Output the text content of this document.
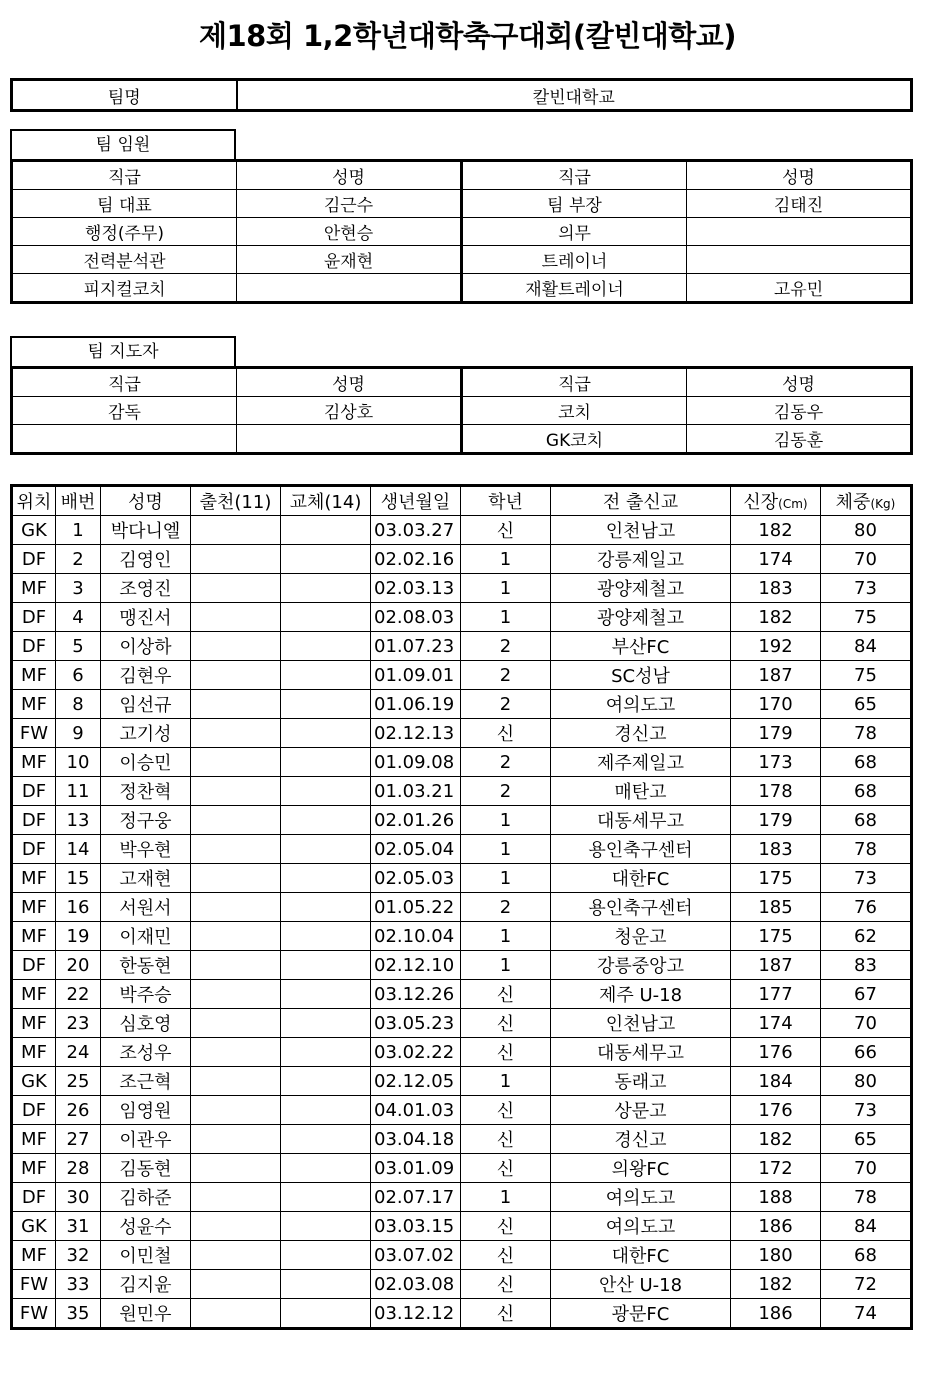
제18회 1,2학년대학축구대회(칼빈대학교)
팀명	칼빈대학교
팀 임원
직급	성명	직급	성명
팀 대표	김근수	팀 부장	김태진
행정(주무)	안현승	의무	
전력분석관	윤재현	트레이너	
피지컬코치		재활트레이너	고유민
팀 지도자
직급	성명	직급	성명
감독	김상호	코치	김동우
		GK코치	김동훈
위치	배번	성명	출천(11)	교체(14)	생년월일	학년	전 출신교	신장(Cm)	체중(Kg)
GK	1	박다니엘			03.03.27	신	인천남고	182	80
DF	2	김영인			02.02.16	1	강릉제일고	174	70
MF	3	조영진			02.03.13	1	광양제철고	183	73
DF	4	맹진서			02.08.03	1	광양제철고	182	75
DF	5	이상하			01.07.23	2	부산FC	192	84
MF	6	김현우			01.09.01	2	SC성남	187	75
MF	8	임선규			01.06.19	2	여의도고	170	65
FW	9	고기성			02.12.13	신	경신고	179	78
MF	10	이승민			01.09.08	2	제주제일고	173	68
DF	11	정찬혁			01.03.21	2	매탄고	178	68
DF	13	정구웅			02.01.26	1	대동세무고	179	68
DF	14	박우현			02.05.04	1	용인축구센터	183	78
MF	15	고재현			02.05.03	1	대한FC	175	73
MF	16	서원서			01.05.22	2	용인축구센터	185	76
MF	19	이재민			02.10.04	1	청운고	175	62
DF	20	한동현			02.12.10	1	강릉중앙고	187	83
MF	22	박주승			03.12.26	신	제주 U-18	177	67
MF	23	심호영			03.05.23	신	인천남고	174	70
MF	24	조성우			03.02.22	신	대동세무고	176	66
GK	25	조근혁			02.12.05	1	동래고	184	80
DF	26	임영원			04.01.03	신	상문고	176	73
MF	27	이관우			03.04.18	신	경신고	182	65
MF	28	김동현			03.01.09	신	의왕FC	172	70
DF	30	김하준			02.07.17	1	여의도고	188	78
GK	31	성윤수			03.03.15	신	여의도고	186	84
MF	32	이민철			03.07.02	신	대한FC	180	68
FW	33	김지윤			02.03.08	신	안산 U-18	182	72
FW	35	원민우			03.12.12	신	광문FC	186	74
